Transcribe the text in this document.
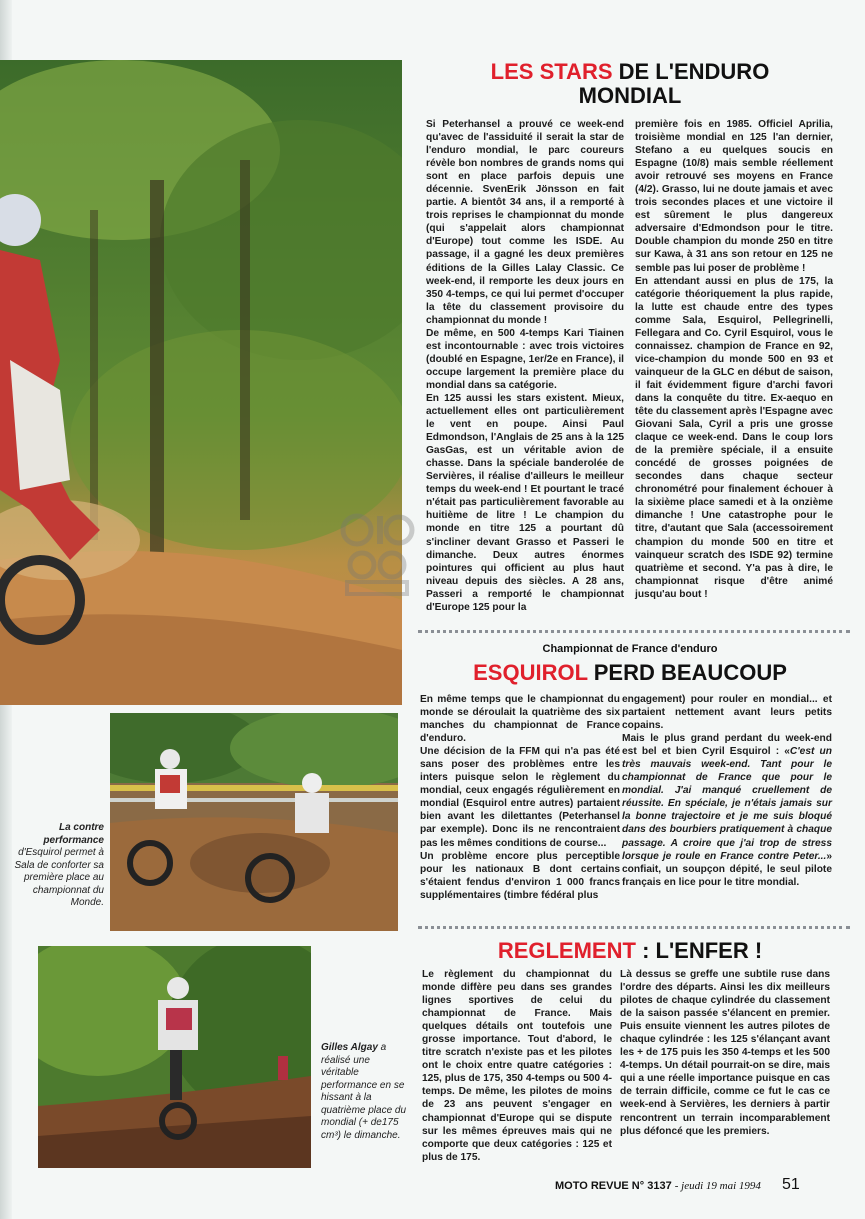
LES STARS DE L'ENDURO
MONDIAL

Si Peterhansel a prouvé ce week-end qu'avec de l'assiduité il serait la star de l'enduro mondial, le parc coureurs révèle bon nombres de grands noms qui sont en place parfois depuis une décennie. SvenErik Jönsson en fait partie. A bientôt 34 ans, il a remporté à trois reprises le championnat du monde (qui s'appelait alors championnat d'Europe) tout comme les ISDE. Au passage, il a gagné les deux premières éditions de la Gilles Lalay Classic. Ce week-end, il remporte les deux jours en 350 4-temps, ce qui lui permet d'occuper la tête du classement provisoire du championnat du monde !

De même, en 500 4-temps Kari Tiainen est incontournable : avec trois victoires (doublé en Espagne, 1er/2e en France), il occupe largement la première place du mondial dans sa catégorie.

En 125 aussi les stars existent. Mieux, actuellement elles ont particulièrement le vent en poupe. Ainsi Paul Edmondson, l'Anglais de 25 ans à la 125 GasGas, est un véritable avion de chasse. Dans la spéciale banderolée de Servières, il réalise d'ailleurs le meilleur temps du week-end ! Et pourtant le tracé n'était pas particulièrement favorable au huitième de litre ! Le champion du monde en titre 125 a pourtant dû s'incliner devant Grasso et Passeri le dimanche. Deux autres énormes pointures qui officient au plus haut niveau depuis des siècles. A 28 ans, Passeri a remporté le championnat d'Europe 125 pour la

première fois en 1985. Officiel Aprilia, troisième mondial en 125 l'an dernier, Stefano a eu quelques soucis en Espagne (10/8) mais semble réellement avoir retrouvé ses moyens en France (4/2). Grasso, lui ne doute jamais et avec trois secondes places et une victoire il est sûrement le plus dangereux adversaire d'Edmondson pour le titre. Double champion du monde 250 en titre sur Kawa, à 31 ans son retour en 125 ne semble pas lui poser de problème !

En attendant aussi en plus de 175, la catégorie théoriquement la plus rapide, la lutte est chaude entre des types comme Sala, Esquirol, Pellegrinelli, Fellegara and Co. Cyril Esquirol, vous le connaissez. champion de France en 92, vice-champion du monde 500 en 93 et vainqueur de la GLC en début de saison, il fait évidemment figure d'archi favori dans la conquête du titre. Ex-aequo en tête du classement après l'Espagne avec Giovani Sala, Cyril a pris une grosse claque ce week-end. Dans le coup lors de la première spéciale, il a ensuite concédé de grosses poignées de secondes dans chaque secteur chronométré pour finalement échouer à la sixième place samedi et à la onzième dimanche ! Une catastrophe pour le titre, d'autant que Sala (accessoirement champion du monde 500 en titre et vainqueur scratch des ISDE 92) termine quatrième et second. Y'a pas à dire, le championnat risque d'être animé jusqu'au bout !

Championnat de France d'enduro
ESQUIROL PERD BEAUCOUP

En même temps que le championnat du monde se déroulait la quatrième des six manches du championnat de France d'enduro.

Une décision de la FFM qui n'a pas été sans poser des problèmes entre les inters puisque selon le règlement du mondial, ceux engagés régulièrement en mondial (Esquirol entre autres) partaient bien avant les dilettantes (Peterhansel par exemple). Donc ils ne rencontraient pas les mêmes conditions de course...

Un problème encore plus perceptible pour les nationaux B dont certains s'étaient fendus d'environ 1 000 francs supplémentaires (timbre fédéral plus

engagement) pour rouler en mondial... et partaient nettement avant leurs petits copains.

Mais le plus grand perdant du week-end est bel et bien Cyril Esquirol : «C'est un très mauvais week-end. Tant pour le championnat de France que pour le mondial. J'ai manqué cruellement de réussite. En spéciale, je n'étais jamais sur la bonne trajectoire et je me suis bloqué dans des bourbiers pratiquement à chaque passage. A croire que j'ai trop de stress lorsque je roule en France contre Peter...» confiait, un soupçon dépité, le seul pilote français en lice pour le titre mondial.

La contre performance d'Esquirol permet à Sala de conforter sa première place au championnat du Monde.
REGLEMENT : L'ENFER !

Le règlement du championnat du monde diffère peu dans ses grandes lignes sportives de celui du championnat de France. Mais quelques détails ont toutefois une grosse importance. Tout d'abord, le titre scratch n'existe pas et les pilotes ont le choix entre quatre catégories : 125, plus de 175, 350 4-temps ou 500 4-temps. De même, les pilotes de moins de 23 ans peuvent s'engager en championnat d'Europe qui se dispute sur les mêmes épreuves mais qui ne comporte que deux catégories : 125 et plus de 175.

Là dessus se greffe une subtile ruse dans l'ordre des départs. Ainsi les dix meilleurs pilotes de chaque cylindrée du classement de la saison passée s'élancent en premier. Puis ensuite viennent les autres pilotes de chaque cylindrée : les 125 s'élançant avant les + de 175 puis les 350 4-temps et les 500 4-temps. Un détail pourrait-on se dire, mais qui a une réelle importance puisque en cas de terrain difficile, comme ce fut le cas ce week-end à Servières, les derniers à partir rencontrent un terrain incomparablement plus défoncé que les premiers.

Gilles Algay a réalisé une véritable performance en se hissant à la quatrième place du mondial (+ de175 cm³) le dimanche.
MOTO REVUE N° 3137 - jeudi 19 mai 1994	51
